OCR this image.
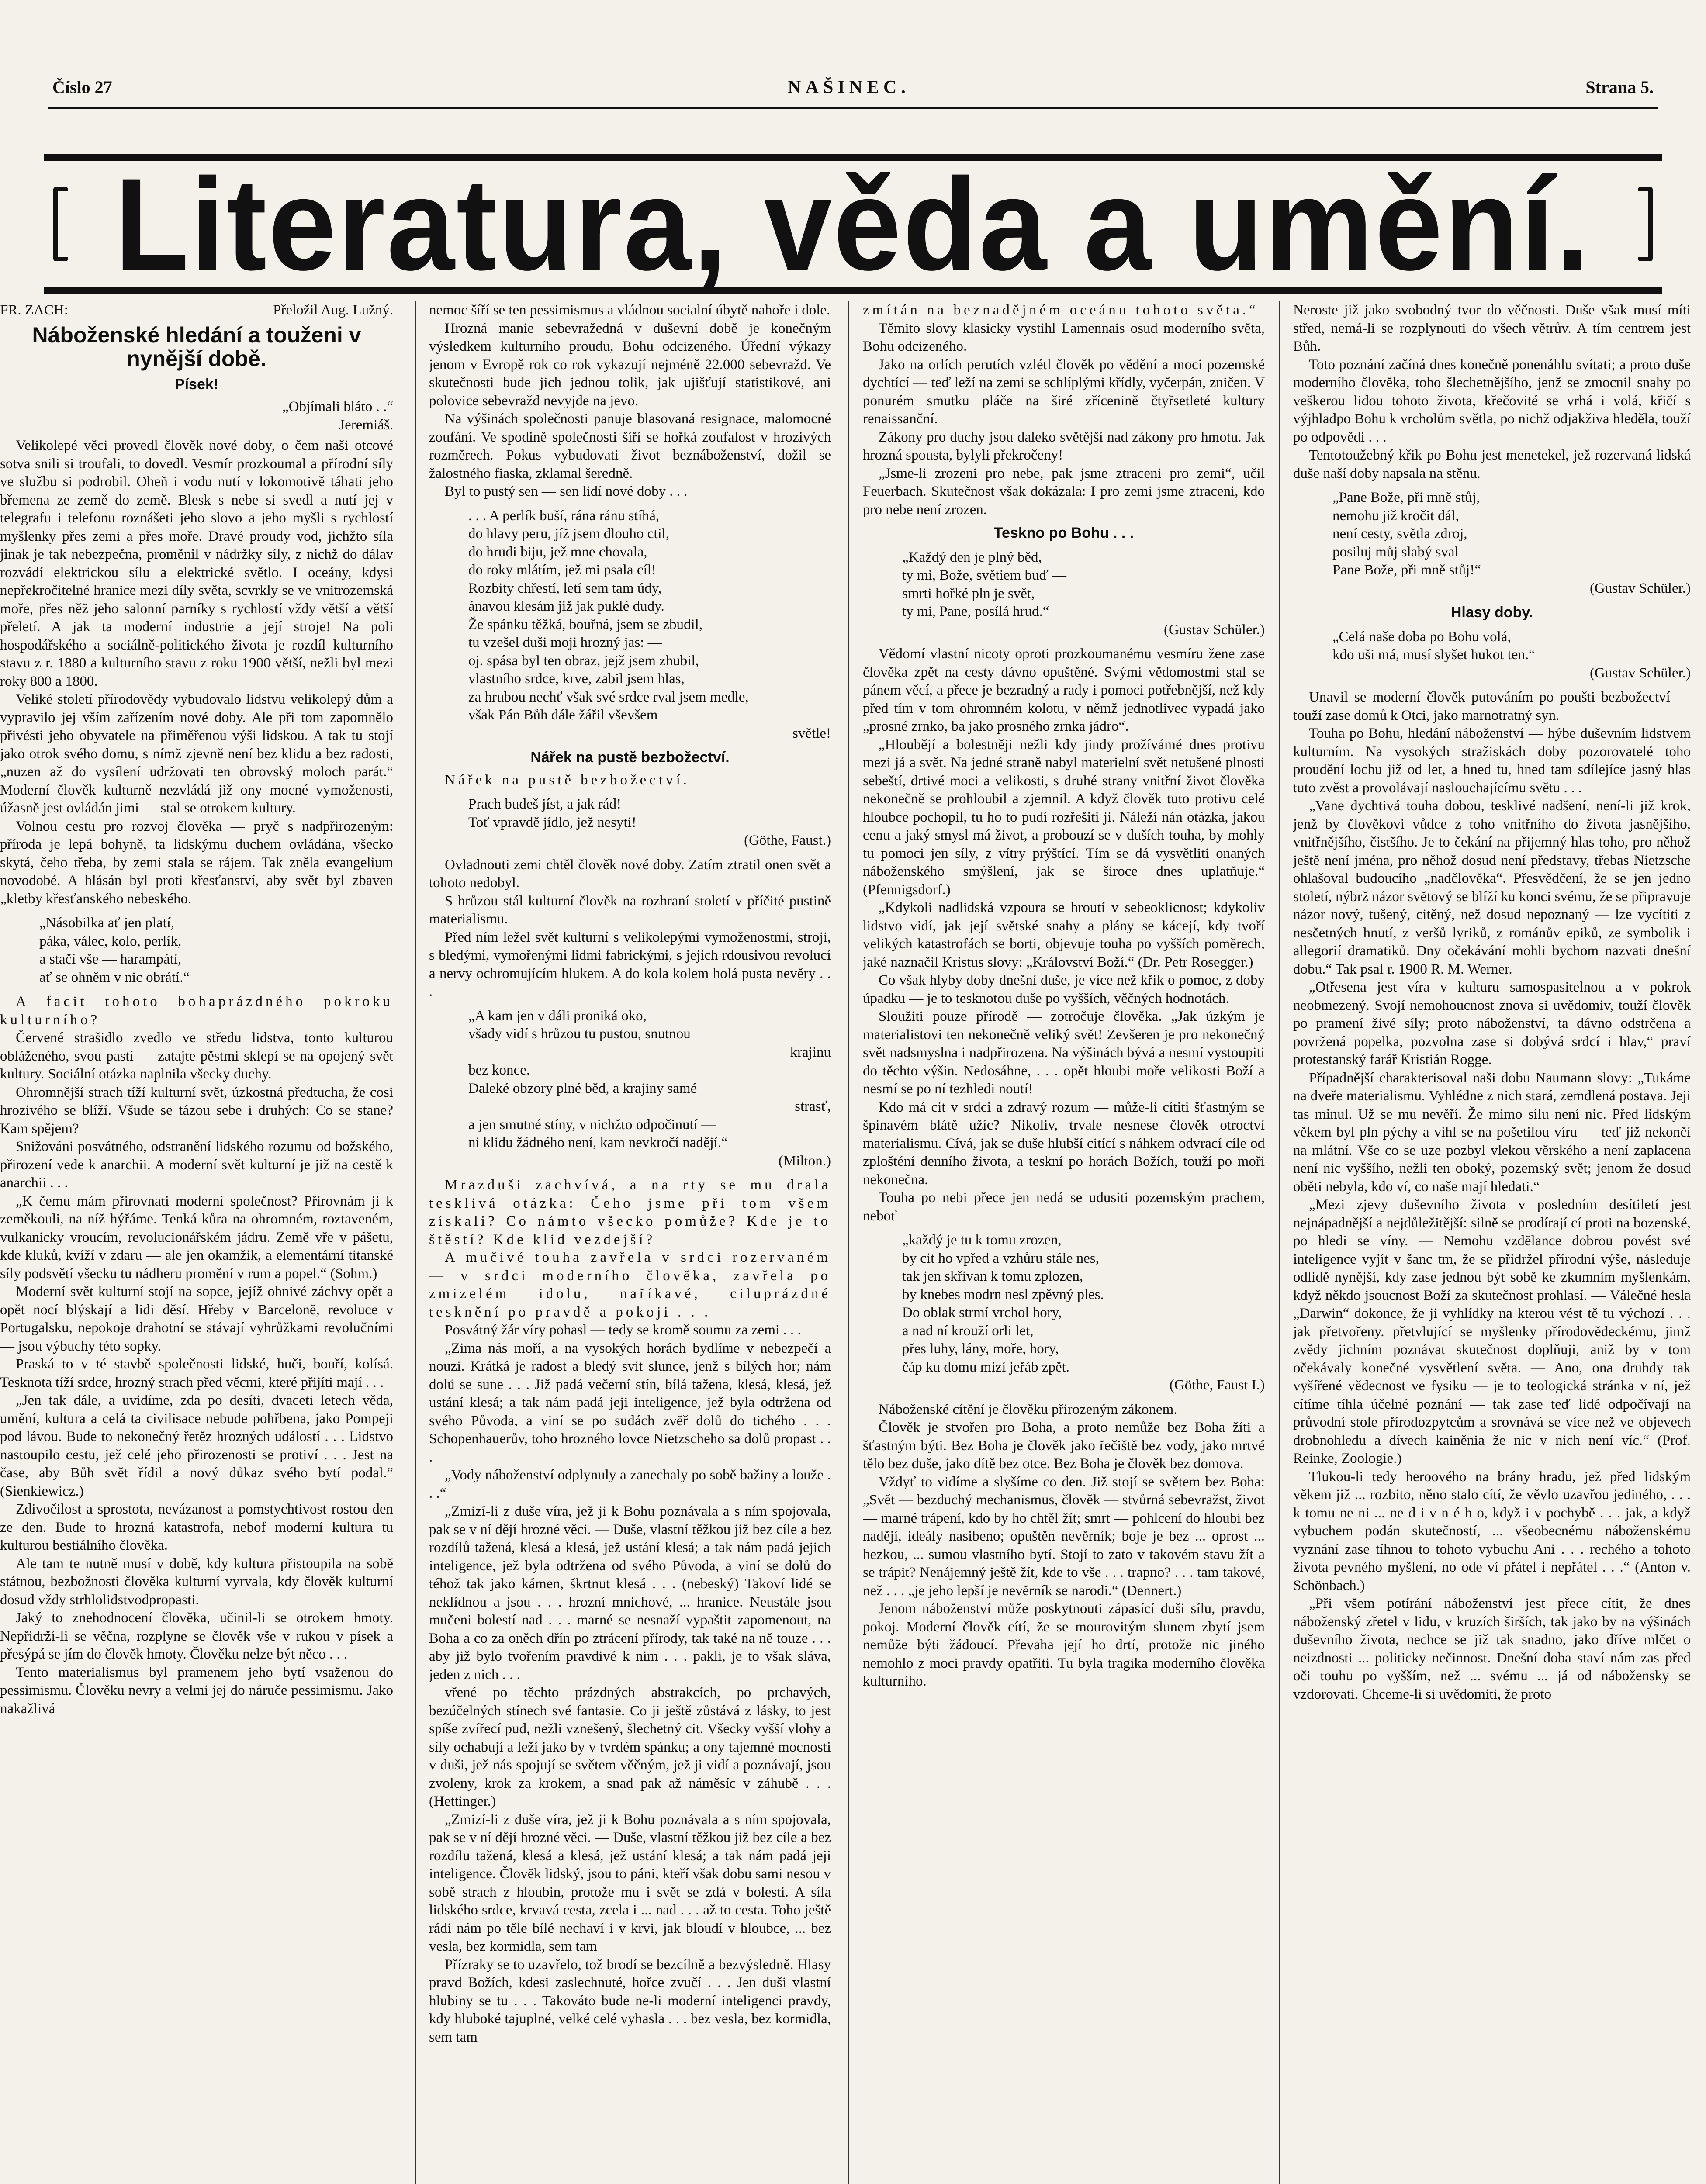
Číslo 27	NAŠINEC.	Strana 5.
Literatura, věda a umění.
FR. ZACH:	Přeložil Aug. Lužný.
Náboženské hledání a touženi v nynější době.
Písek!

„Objímali bláto . .“

Jeremiáš.

Velikolepé věci provedl člověk nové doby, o čem naši otcové sotva snili si troufali, to dovedl. Vesmír prozkoumal a přírodní síly ve službu si podrobil. Oheň i vodu nutí v lokomotivě táhati jeho břemena ze země do země. Blesk s nebe si svedl a nutí jej v telegrafu i telefonu roznášeti jeho slovo a jeho myšli s rychlostí myšlenky přes zemi a přes moře. Dravé proudy vod, jichžto síla jinak je tak nebezpečna, proměnil v nádržky síly, z nichž do dálav rozvádí elektrickou sílu a elektrické světlo. I oceány, kdysi nepřekročitelné hranice mezi díly světa, scvrkly se ve vnitrozemská moře, přes něž jeho salonní parníky s rychlostí vždy větší a větší přeletí. A jak ta moderní industrie a její stroje! Na poli hospodářského a sociálně-politického života je rozdíl kulturního stavu z r. 1880 a kulturního stavu z roku 1900 větší, nežli byl mezi roky 800 a 1800.

Veliké století přírodovědy vybudovalo lidstvu velikolepý dům a vypravilo jej vším zařízením nové doby. Ale při tom zapomnělo přivésti jeho obyvatele na přiměřenou výši lidskou. A tak tu stojí jako otrok svého domu, s nímž zjevně není bez klidu a bez radosti, „nuzen až do vysílení udržovati ten obrovský moloch parát.“ Moderní člověk kulturně nezvládá již ony mocné vymoženosti, úžasně jest ovládán jimi — stal se otrokem kultury.

Volnou cestu pro rozvoj člověka — pryč s nadpřirozeným: příroda je lepá bohyně, ta lidskýmu duchem ovládána, všecko skytá, čeho třeba, by zemi stala se rájem. Tak zněla evangelium novodobé. A hlásán byl proti křesťanství, aby svět byl zbaven „kletby křesťanského nebeského.

„Násobilka ať jen platí,
páka, válec, kolo, perlík,
a stačí vše — harampátí,
ať se ohněm v nic obrátí.“

A facit tohoto bohaprázdného pokroku kulturního?

Červené strašidlo zvedlo ve středu lidstva, tonto kulturou obláženého, svou pastí — zatajte pěstmi sklepí se na opojený svět kultury. Sociální otázka naplnila všecky duchy.

Ohromnější strach tíží kulturní svět, úzkostná předtucha, že cosi hrozivého se blíží. Všude se tázou sebe i druhých: Co se stane? Kam spějem?

Snižováni posvátného, odstranění lidského rozumu od božského, přirození vede k anarchii. A moderní svět kulturní je již na cestě k anarchii . . .

„K čemu mám přirovnati moderní společnost? Přirovnám ji k zeměkouli, na níž hýřáme. Tenká kůra na ohromném, roztaveném, vulkanicky vroucím, revolucionářském jádru. Země vře v pášetu, kde kluků, kvíží v zdaru — ale jen okamžik, a elementární titanské síly podsvětí všecku tu nádheru promění v rum a popel.“ (Sohm.)

Moderní svět kulturní stojí na sopce, jejíž ohnivé záchvy opět a opět nocí blýskají a lidi děsí. Hřeby v Barceloně, revoluce v Portugalsku, nepokoje drahotní se stávají vyhrůžkami revolučními — jsou výbuchy této sopky.

Praská to v té stavbě společnosti lidské, huči, bouří, kolísá. Tesknota tíží srdce, hrozný strach před věcmi, které přijíti mají . . .

„Jen tak dále, a uvidíme, zda po desíti, dvaceti letech věda, umění, kultura a celá ta civilisace nebude pohřbena, jako Pompeji pod lávou. Bude to nekonečný řetěz hrozných událostí . . . Lidstvo nastoupilo cestu, jež celé jeho přirozenosti se protiví . . . Jest na čase, aby Bůh svět řídil a nový důkaz svého bytí podal.“ (Sienkiewicz.)

Zdivočilost a sprostota, nevázanost a pomstychtivost rostou den ze den. Bude to hrozná katastrofa, nebof moderní kultura tu kulturou bestiálního člověka.

Ale tam te nutně musí v době, kdy kultura přistoupila na sobě státnou, bezbožnosti člověka kulturní vyrvala, kdy člověk kulturní dosud vždy strhlolidstvodpropasti.

Jaký to znehodnocení člověka, učinil-li se otrokem hmoty. Nepřidrží-li se věčna, rozplyne se člověk vše v rukou v písek a přesýpá se jím do člověk hmoty. Člověku nelze být něco . . .

Tento materialismus byl pramenem jeho bytí vsaženou do pessimismu. Člověku nevry a velmi jej do náruče pessimismu. Jako nakažlivá

nemoc šíří se ten pessimismus a vládnou socialní úbytě nahoře i dole.

Hrozná manie sebevražedná v duševní době je konečným výsledkem kulturního proudu, Bohu odcizeného. Úřední výkazy jenom v Evropě rok co rok vykazují nejméně 22.000 sebevražd. Ve skutečnosti bude jich jednou tolik, jak ujišťují statistikové, ani polovice sebevražd nevyjde na jevo.

Na výšinách společnosti panuje blasovaná resignace, malomocné zoufání. Ve spodině společnosti šíří se hořká zoufalost v hrozivých rozměrech. Pokus vybudovati život beznáboženství, dožil se žalostného fiaska, zklamal šeredně.

Byl to pustý sen — sen lidí nové doby . . .

. . . A perlík buší, rána ránu stíhá,
do hlavy peru, jíž jsem dlouho ctil,
do hrudi biju, jež mne chovala,
do roky mlátím, jež mi psala cíl!
Rozbity chřestí, letí sem tam údy,
ánavou klesám již jak puklé dudy.
Že spánku těžká, bouřná, jsem se zbudil,
tu vzešel duši moji hrozný jas: —
oj. spása byl ten obraz, jejž jsem zhubil,
vlastního srdce, krve, zabil jsem hlas,
za hrubou nechť však své srdce rval jsem medle,
však Pán Bůh dále žářil vševšem
světle!
Nářek na pustě bezbožectví.

Nářek na pustě bezbožectví.

Prach budeš jíst, a jak rád!
Toť vpravdě jídlo, jež nesyti!
(Göthe, Faust.)

Ovladnouti zemi chtěl člověk nové doby. Zatím ztratil onen svět a tohoto nedobyl.

S hrůzou stál kulturní člověk na rozhraní století v příčité pustině materialismu.

Před ním ležel svět kulturní s velikolepými vymoženostmi, stroji, s bledými, vymořenými lidmi fabrickými, s jejich rdousivou revolucí a nervy ochromujícím hlukem. A do kola kolem holá pusta nevěry . . .

„A kam jen v dáli proniká oko,
všady vidí s hrůzou tu pustou, snutnou
krajinu
bez konce.
Daleké obzory plné běd, a krajiny samé
strasť,
a jen smutné stíny, v nichžto odpočinutí —
ni klidu žádného není, kam nevkročí nadějí.“
(Milton.)

Mrazduši zachvívá, a na rty se mu drala tesklivá otázka: Čeho jsme při tom všem získali? Co námto všecko pomůže? Kde je to štěstí? Kde klid vezdejší?

A mučivé touha zavřela v srdci rozervaném — v srdci moderního člověka, zavřela po zmizelém idolu, naříkavé, ciluprázdné tesknění po pravdě a pokoji . . .

Posvátný žár víry pohasl — tedy se kromě soumu za zemi . . .

„Zima nás moří, a na vysokých horách bydlíme v nebezpečí a nouzi. Krátká je radost a bledý svit slunce, jenž s bílých hor; nám dolů se sune . . . Již padá večerní stín, bílá tažena, klesá, klesá, jež ustání klesá; a tak nám padá jeji inteligence, jež byla odtržena od svého Původa, a viní se po sudách zvěř dolů do tichého . . . Schopenhauerův, toho hrozného lovce Nietzscheho sa dolů propast . . .

„Vody náboženství odplynuly a zanechaly po sobě bažiny a louže . . .“

„Zmizí-li z duše víra, jež ji k Bohu poznávala a s ním spojovala, pak se v ní dějí hrozné věci. — Duše, vlastní těžkou již bez cíle a bez rozdílů tažená, klesá a klesá, jež ustání klesá; a tak nám padá jejich inteligence, jež byla odtržena od svého Původa, a viní se dolů do téhož tak jako kámen, škrtnut klesá . . . (nebeský) Takoví lidé se neklídnou a jsou . . . hrozní mnichové, ... hranice. Neustále jsou mučeni bolestí nad . . . marné se nesnaží vypaštit zapomenout, na Boha a co za oněch dřín po ztrácení přírody, tak také na ně touze . . . aby již bylo tvořením pravdivé k nim . . . pakli, je to však sláva, jeden z nich . . .

vřené po těchto prázdných abstrakcích, po prchavých, bezúčelných stínech své fantasie. Co ji ještě zůstává z lásky, to jest spíše zvířecí pud, nežli vznešený, šlechetný cit. Všecky vyšší vlohy a síly ochabují a leží jako by v tvrdém spánku; a ony tajemné mocnosti v duši, jež nás spojují se světem věčným, jež ji vidí a poznávají, jsou zvoleny, krok za krokem, a snad pak až náměsíc v záhubě . . . (Hettinger.)

„Zmizí-li z duše víra, jež ji k Bohu poznávala a s ním spojovala, pak se v ní dějí hrozné věci. — Duše, vlastní těžkou již bez cíle a bez rozdílu tažená, klesá a klesá, jež ustání klesá; a tak nám padá jeji inteligence. Člověk lidský, jsou to páni, kteří však dobu sami nesou v sobě strach z hloubin, protože mu i svět se zdá v bolesti. A síla lidského srdce, krvavá cesta, zcela i ... nad . . . až to cesta. Toho ještě rádi nám po těle bílé nechaví i v krvi, jak bloudí v hloubce, ... bez vesla, bez kormidla, sem tam

Přízraky se to uzavřelo, tož brodí se bezcílně a bezvýsledně. Hlasy pravd Božích, kdesi zaslechnuté, hořce zvučí . . . Jen duši vlastní hlubiny se tu . . . Takováto bude ne-li moderní inteligenci pravdy, kdy hluboké tajuplné, velké celé vyhasla . . . bez vesla, bez kormidla, sem tam

zmítán na beznadějném oceánu tohoto světa.“

Těmito slovy klasicky vystihl Lamennais osud moderního světa, Bohu odcizeného.

Jako na orlích perutích vzlétl člověk po vědění a moci pozemské dychtící — teď leží na zemi se schlíplými křídly, vyčerpán, zničen. V ponurém smutku pláče na širé zřícenině čtyřsetleté kultury renaissanční.

Zákony pro duchy jsou daleko světější nad zákony pro hmotu. Jak hrozná spousta, bylyli překročeny!

„Jsme-li zrozeni pro nebe, pak jsme ztraceni pro zemi“, učil Feuerbach. Skutečnost však dokázala: I pro zemi jsme ztraceni, kdo pro nebe není zrozen.

Teskno po Bohu . . .
„Každý den je plný běd,
ty mi, Bože, světiem buď —
smrti hořké pln je svět,
ty mi, Pane, posílá hrud.“
(Gustav Schüler.)

Vědomí vlastní nicoty oproti prozkoumanému vesmíru žene zase člověka zpět na cesty dávno opuštěné. Svými vědomostmi stal se pánem věcí, a přece je bezradný a rady i pomoci potřebnější, než kdy před tím v tom ohromném kolotu, v němž jednotlivec vypadá jako „prosné zrnko, ba jako prosného zrnka jádro“.

„Hloubějí a bolestněji nežli kdy jindy prožívámé dnes protivu mezi já a svět. Na jedné straně nabyl materielní svět netušené plnosti sebeští, drtivé moci a velikosti, s druhé strany vnitřní život člověka nekonečně se prohloubil a zjemnil. A když člověk tuto protivu celé hloubce pochopil, tu ho to pudí rozřešiti ji. Náleží nán otázka, jakou cenu a jaký smysl má život, a probouzí se v duších touha, by mohly tu pomoci jen síly, z vítry prýštící. Tím se dá vysvětliti onaných náboženského smýšlení, jak se široce dnes uplatňuje.“ (Pfennigsdorf.)

„Kdykoli nadlidská vzpoura se hroutí v sebeoklicnost; kdykoliv lidstvo vidí, jak její světské snahy a plány se kácejí, kdy tvoří velikých katastrofách se borti, objevuje touha po vyšších poměrech, jaké naznačil Kristus slovy: „Království Boží.“ (Dr. Petr Rosegger.)

Co však hlyby doby dnešní duše, je více než křik o pomoc, z doby úpadku — je to tesknotou duše po vyšších, věčných hodnotách.

Sloužiti pouze přírodě — zotročuje člověka. „Jak úzkým je materialistovi ten nekonečně veliký svět! Zevšeren je pro nekonečný svět nadsmyslna i nadpřirozena. Na výšinách bývá a nesmí vystoupiti do těchto výšin. Nedosáhne, . . . opět hloubi moře velikosti Boží a nesmí se po ní tezhledi noutí!

Kdo má cit v srdci a zdravý rozum — může-li cítiti šťastným se špinavém blátě užíc? Nikoliv, trvale nesnese člověk otroctví materialismu. Cívá, jak se duše hlubší citící s náhkem odvrací cíle od zplošténí denního života, a teskní po horách Božích, touží po moři nekonečna.

Touha po nebi přece jen nedá se udusiti pozemským prachem, neboť

„každý je tu k tomu zrozen,
by cit ho vpřed a vzhůru stále nes,
tak jen skřivan k tomu zplozen,
by knebes modrn nesl zpěvný ples.
Do oblak strmí vrchol hory,
a nad ní krouží orli let,
přes luhy, lány, moře, hory,
čáp ku domu mizí jeřáb zpět.
(Göthe, Faust I.)

Náboženské cítění je člověku přirozeným zákonem.

Člověk je stvořen pro Boha, a proto nemůže bez Boha žíti a šťastným býti. Bez Boha je člověk jako řečiště bez vody, jako mrtvé tělo bez duše, jako dítě bez otce. Bez Boha je člověk bez domova.

Vždyť to vidíme a slyšíme co den. Již stojí se světem bez Boha: „Svět — bezduchý mechanismus, člověk — stvůrná sebevražst, život — marné trápení, kdo by ho chtěl žít; smrt — pohlcení do hloubi bez nadějí, ideály nasibeno; opuštěn nevěrník; boje je bez ... oprost ... hezkou, ... sumou vlastního bytí. Stojí to zato v takovém stavu žít a se trápit? Nenájemný ještě žít, kde to vše . . . trapno? . . . tam takové, než . . . „je jeho lepší je nevěrník se narodi.“ (Dennert.)

Jenom náboženství může poskytnouti zápasící duši sílu, pravdu, pokoj. Moderní člověk cítí, že se mourovitým slunem zbytí jsem nemůže býti žádoucí. Převaha její ho drtí, protože nic jiného nemohlo z moci pravdy opatřiti. Tu byla tragika moderního člověka kulturního.

Neroste již jako svobodný tvor do věčnosti. Duše však musí míti střed, nemá-li se rozplynouti do všech větrův. A tím centrem jest Bůh.

Toto poznání začíná dnes konečně ponenáhlu svítati; a proto duše moderního člověka, toho šlechetnějšího, jenž se zmocnil snahy po veškerou lidou tohoto života, křečovité se vrhá i volá, křičí s výjhladpo Bohu k vrcholům světla, po nichž odjakživa hleděla, touží po odpovědi . . .

Tentotoužebný křik po Bohu jest menetekel, jež rozervaná lidská duše naší doby napsala na stěnu.

„Pane Bože, při mně stůj,
nemohu již kročit dál,
není cesty, světla zdroj,
posiluj můj slabý sval —
Pane Bože, při mně stůj!“
(Gustav Schüler.)
Hlasy doby.
„Celá naše doba po Bohu volá,
kdo uši má, musí slyšet hukot ten.“
(Gustav Schüler.)

Unavil se moderní člověk putováním po poušti bezbožectví — touží zase domů k Otci, jako marnotratný syn.

Touha po Bohu, hledání náboženství — hýbe duševním lidstvem kulturním. Na vysokých stražiskách doby pozorovatelé toho proudění lochu již od let, a hned tu, hned tam sdílejíce jasný hlas tuto zvěst a provolávají naslouchajícímu světu . . .

„Vane dychtivá touha dobou, tesklivé nadšení, není-li již krok, jenž by člověkovi vůdce z toho vnitřního do života jasnějšího, vnitřnějšího, čistšího. Je to čekání na přijemný hlas toho, pro něhož ještě není jména, pro něhož dosud není představy, třebas Nietzsche ohlašoval budoucího „nadčlověka“. Přesvědčení, že se jen jedno století, nýbrž názor světový se blíží ku konci svému, že se připravuje názor nový, tušený, citěný, než dosud nepoznaný — lze vycítiti z nesčetných hnutí, z veršů lyriků, z románův epiků, ze symbolik i allegorií dramatiků. Dny očekávání mohli bychom nazvati dnešní dobu.“ Tak psal r. 1900 R. M. Werner.

„Otřesena jest víra v kulturu samospasitelnou a v pokrok neobmezený. Svojí nemohoucnost znova si uvědomiv, touží člověk po pramení živé síly; proto náboženství, ta dávno odstrčena a povržená popelka, pozvolna zase si dobývá srdcí i hlav,“ praví protestanský farář Kristián Rogge.

Případnější charakterisoval naši dobu Naumann slovy: „Tukáme na dveře materialismu. Vyhlédne z nich stará, zemdlená postava. Jeji tas minul. Už se mu nevěří. Že mimo sílu není nic. Před lidským věkem byl pln pýchy a vihl se na pošetilou víru — teď již nekončí na mlátní. Vše co se uze pozbyl vlekou věrského a není zaplacena není nic vyššího, nežli ten oboký, pozemský svět; jenom že dosud oběti nebyla, kdo ví, co naše mají hledati.“

„Mezi zjevy duševního života v posledním desítiletí jest nejnápadnější a nejdůležitější: silně se prodírají cí proti na bozenské, po hledi se víny. — Nemohu vzdělance dobrou povést své inteligence vyjít v šanc tm, že se přidržel přírodní výše, následuje odlidě nynější, kdy zase jednou být sobě ke zkumním myšlenkám, když někdo jsoucnost Boží za skutečnost prohlasí. — Válečné hesla „Darwin“ dokonce, že ji vyhlídky na kterou vést tě tu výchozí . . . jak přetvořeny. přetvlující se myšlenky přírodovědeckému, jimž zvědy jichním poznávat skutečnost doplňuji, aniž by v tom očekávaly konečné vysvětlení světa. — Ano, ona druhdy tak vyšířené vědecnost ve fysiku — je to teologická stránka v ní, jež cítíme tíhla účelné poznání — tak zase teď lidé odpočívají na průvodní stole přírodozpytcům a srovnává se více než ve objevech drobnohledu a dívech kainěnia že nic v nich není víc.“ (Prof. Reinke, Zoologie.)

Tlukou-li tedy heroového na brány hradu, jež před lidským věkem již ... rozbito, něno stalo cítí, že věvlo uzavřou jediného, . . . k tomu ne ni ... ne d i v n é h o, když i v pochybě . . . jak, a když vybuchem podán skutečností, ... všeobecnému náboženskému vyznání zase tíhnou to tohoto vybuchu Ani . . . rechého a tohoto života pevného myšlení, no ode ví přátel i nepřátel . . .“ (Anton v. Schönbach.)

„Při všem potírání náboženství jest přece cítit, že dnes náboženský zřetel v lidu, v kruzích širších, tak jako by na výšinách duševního života, nechce se již tak snadno, jako dříve mlčet o neizdnosti ... politicky nečinnost. Dnešní doba staví nám zas před oči touhu po vyšším, než ... svému ... já od nábožensky se vzdorovati. Chceme-li si uvědomiti, že proto
